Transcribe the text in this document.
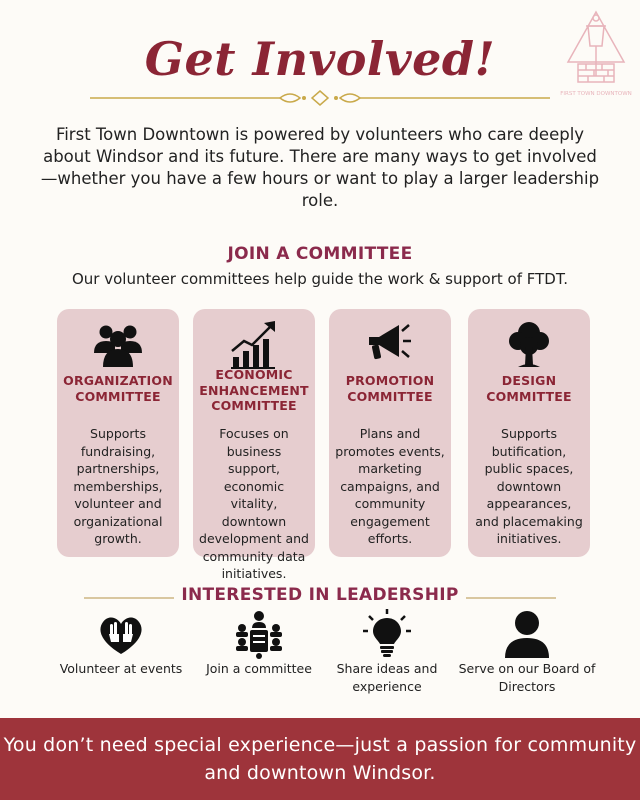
FIRST TOWN DOWNTOWN
Get Involved!

First Town Downtown is powered by volunteers who care deeply about Windsor and its future. There are many ways to get involved—whether you have a few hours or want to play a larger leadership role.

JOIN A COMMITTEE
Our volunteer committees help guide the work & support of FTDT.
ORGANIZATION COMMITTEE
Supports fundraising, partnerships, memberships, volunteer and organizational growth.
ECONOMIC ENHANCEMENT COMMITTEE
Focuses on business support, economic vitality, downtown development and community data initiatives.
PROMOTION COMMITTEE
Plans and promotes events, marketing campaigns, and community engagement efforts.
DESIGN COMMITTEE
Supports butification, public spaces, downtown appearances, and placemaking initiatives.
INTERESTED IN LEADERSHIP
Volunteer at events	Join a committee	Share ideas and experience
Serve on our Board of Directors
You don’t need special experience—just a passion for community and downtown Windsor.
